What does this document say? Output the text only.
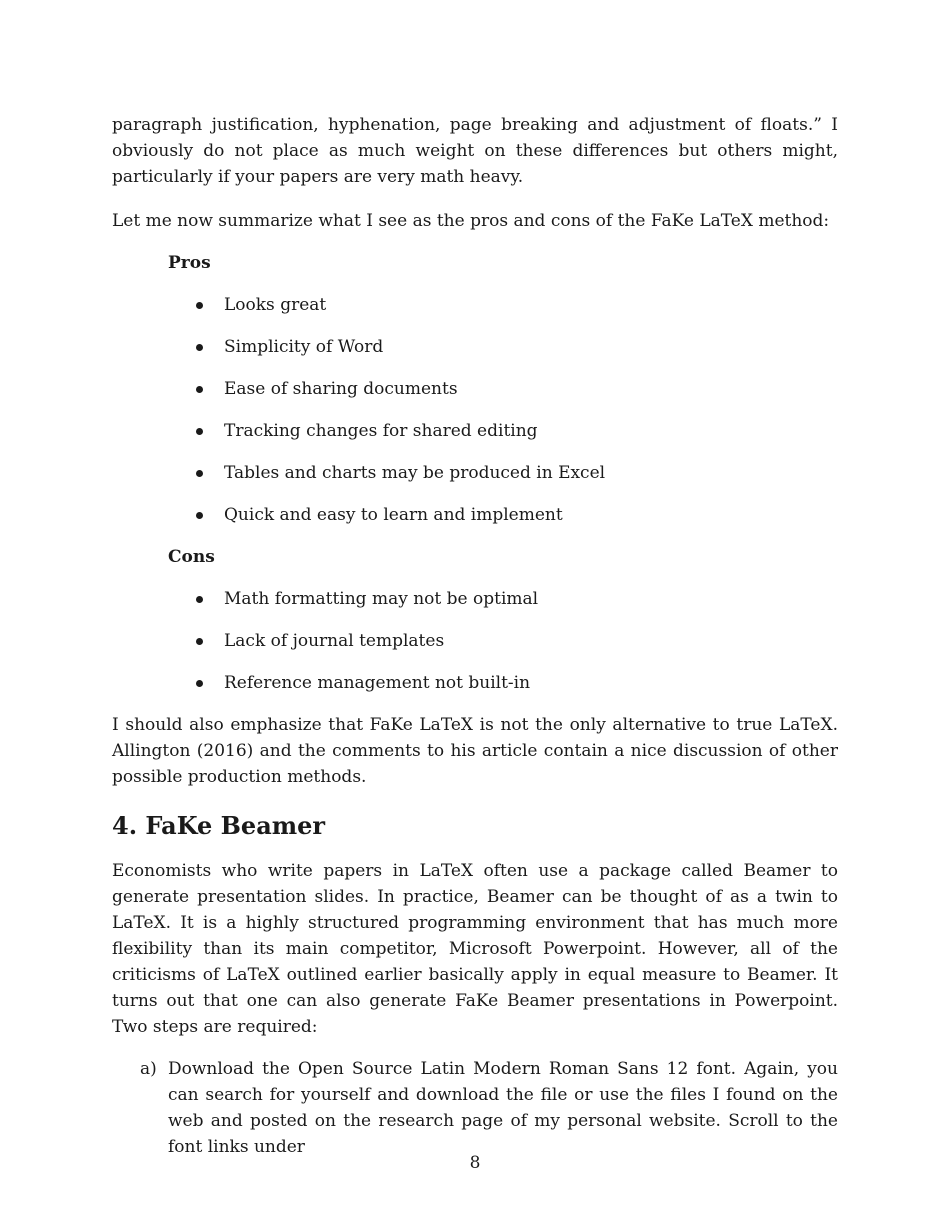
paragraph justification, hyphenation, page breaking and adjustment of floats.” I obviously do not place as much weight on these differences but others might, particularly if your papers are very math heavy.

Let me now summarize what I see as the pros and cons of the FaKe LaTeX method:

Pros

Looks great
Simplicity of Word
Ease of sharing documents
Tracking changes for shared editing
Tables and charts may be produced in Excel
Quick and easy to learn and implement

Cons

Math formatting may not be optimal
Lack of journal templates
Reference management not built-in

I should also emphasize that FaKe LaTeX is not the only alternative to true LaTeX. Allington (2016) and the comments to his article contain a nice discussion of other possible production methods.

4. FaKe Beamer

Economists who write papers in LaTeX often use a package called Beamer to generate presentation slides. In practice, Beamer can be thought of as a twin to LaTeX. It is a highly structured programming environment that has much more flexibility than its main competitor, Microsoft Powerpoint. However, all of the criticisms of LaTeX outlined earlier basically apply in equal measure to Beamer. It turns out that one can also generate FaKe Beamer presentations in Powerpoint. Two steps are required:

a) Download the Open Source Latin Modern Roman Sans 12 font. Again, you can search for yourself and download the file or use the files I found on the web and posted on the research page of my personal website. Scroll to the font links under
8
